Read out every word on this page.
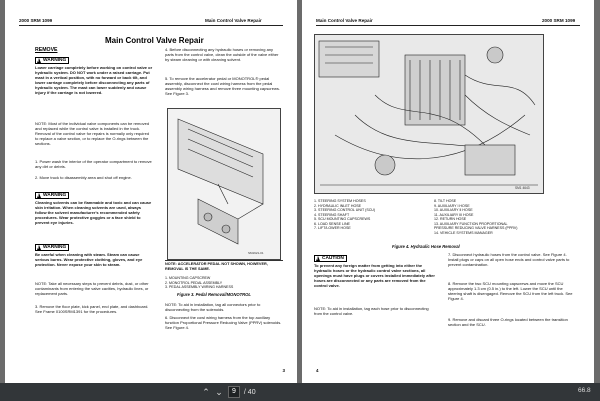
2000 SRM 1099	Main Control Valve Repair
Main Control Valve Repair
REMOVE
!
WARNING

Lower carriage completely before working on control valve or hydraulic system. DO NOT work under a raised carriage. Put mast in a vertical position, with no forward or back tilt, and lower carriage completely before disconnecting any parts of hydraulic system. The mast can lower suddenly and cause injury if the carriage is not lowered.

NOTE: Most of the individual valve components can be removed and replaced while the control valve is installed in the truck. Removal of the control valve for repairs is normally only required to replace a valve section, or to replace the O-rings between the sections.

1. Power wash the interior of the operator compartment to remove any dirt or debris.

2. Move truck to disassembly area and shut off engine.

!
WARNING

Cleaning solvents can be flammable and toxic and can cause skin irritation. When cleaning solvents are used, always follow the solvent manufacturer's recommended safety procedures. Wear protective goggles or a face shield to prevent eye injuries.

!
WARNING

Be careful when cleaning with steam. Steam can cause serious burns. Wear protective clothing, gloves, and eye protection. Never expose your skin to steam.

NOTE: Take all necessary steps to prevent debris, dust, or other contaminants from entering the valve cavities, hydraulic lines, or replacement parts.

3. Remove the floor plate, kick panel, end plate, and dashboard. See Frame 0100SRM1391 for the procedures.

4. Before disconnecting any hydraulic hoses or removing any parts from the control valve, clean the outside of the valve either by steam cleaning or with cleaning solvent.

5. To remove the accelerator pedal or MONOTROL® pedal assembly, disconnect the cowl wiring harness from the pedal assembly wiring harness and remove three mounting capscrews. See Figure 3.

SM1921-01

NOTE: ACCELERATOR PEDAL NOT SHOWN, HOWEVER, REMOVAL IS THE SAME.

1. MOUNTING CAPSCREW
2. MONOTROL PEDAL ASSEMBLY
3. PEDAL ASSEMBLY WIRING HARNESS
Figure 3. Pedal Removal/MONOTROL

NOTE: To aid in installation, tag all connectors prior to disconnecting from the solenoids.

6. Disconnect the cowl wiring harness from the top auxiliary function Proportional Pressure Reducing Valve (PPRV) solenoids. See Figure 4.

3
Main Control Valve Repair	2000 SRM 1099
SM1 4643
1. STEERING SYSTEM HOSES
2. HYDRAULIC INLET HOSE
3. STEERING CONTROL UNIT (SCU)
4. STEERING SHAFT
5. SCU MOUNTING CAPSCREWS
6. LOAD SENSE LINE
7. LIFT/LOWER HOSE
8. TILT HOSE
9. AUXILIARY I HOSE
10. AUXILIARY II HOSE
11. AUXILIARY III HOSE
12. RETURN HOSE
13. AUXILIARY FUNCTION PROPORTIONAL
PRESSURE REDUCING VALVE HARNESS (PPRV)
14. VEHICLE SYSTEMS MANAGER
Figure 4. Hydraulic Hose Removal
!
CAUTION

To prevent any foreign matter from getting into either the hydraulic hoses or the hydraulic control valve sections, all openings must have plugs or covers installed immediately after hoses are disconnected or any parts are removed from the control valve.

NOTE: To aid in installation, tag each hose prior to disconnecting from the control valve.

7. Disconnect hydraulic hoses from the control valve. See Figure 4. Install plugs or caps on all open hose ends and control valve parts to prevent contamination.

8. Remove the two SCU mounting capscrews and move the SCU approximately 1.3 cm (0.5 in.) to the left. Lower the SCU until the steering shaft is disengaged. Remove the SCU from the left truck. See Figure 4.

9. Remove and discard three O-rings located between the transition section and the SCU.

4
Activate Wi
Go to Settings to a
⌃ ⌄	9	/ 40	66.8
